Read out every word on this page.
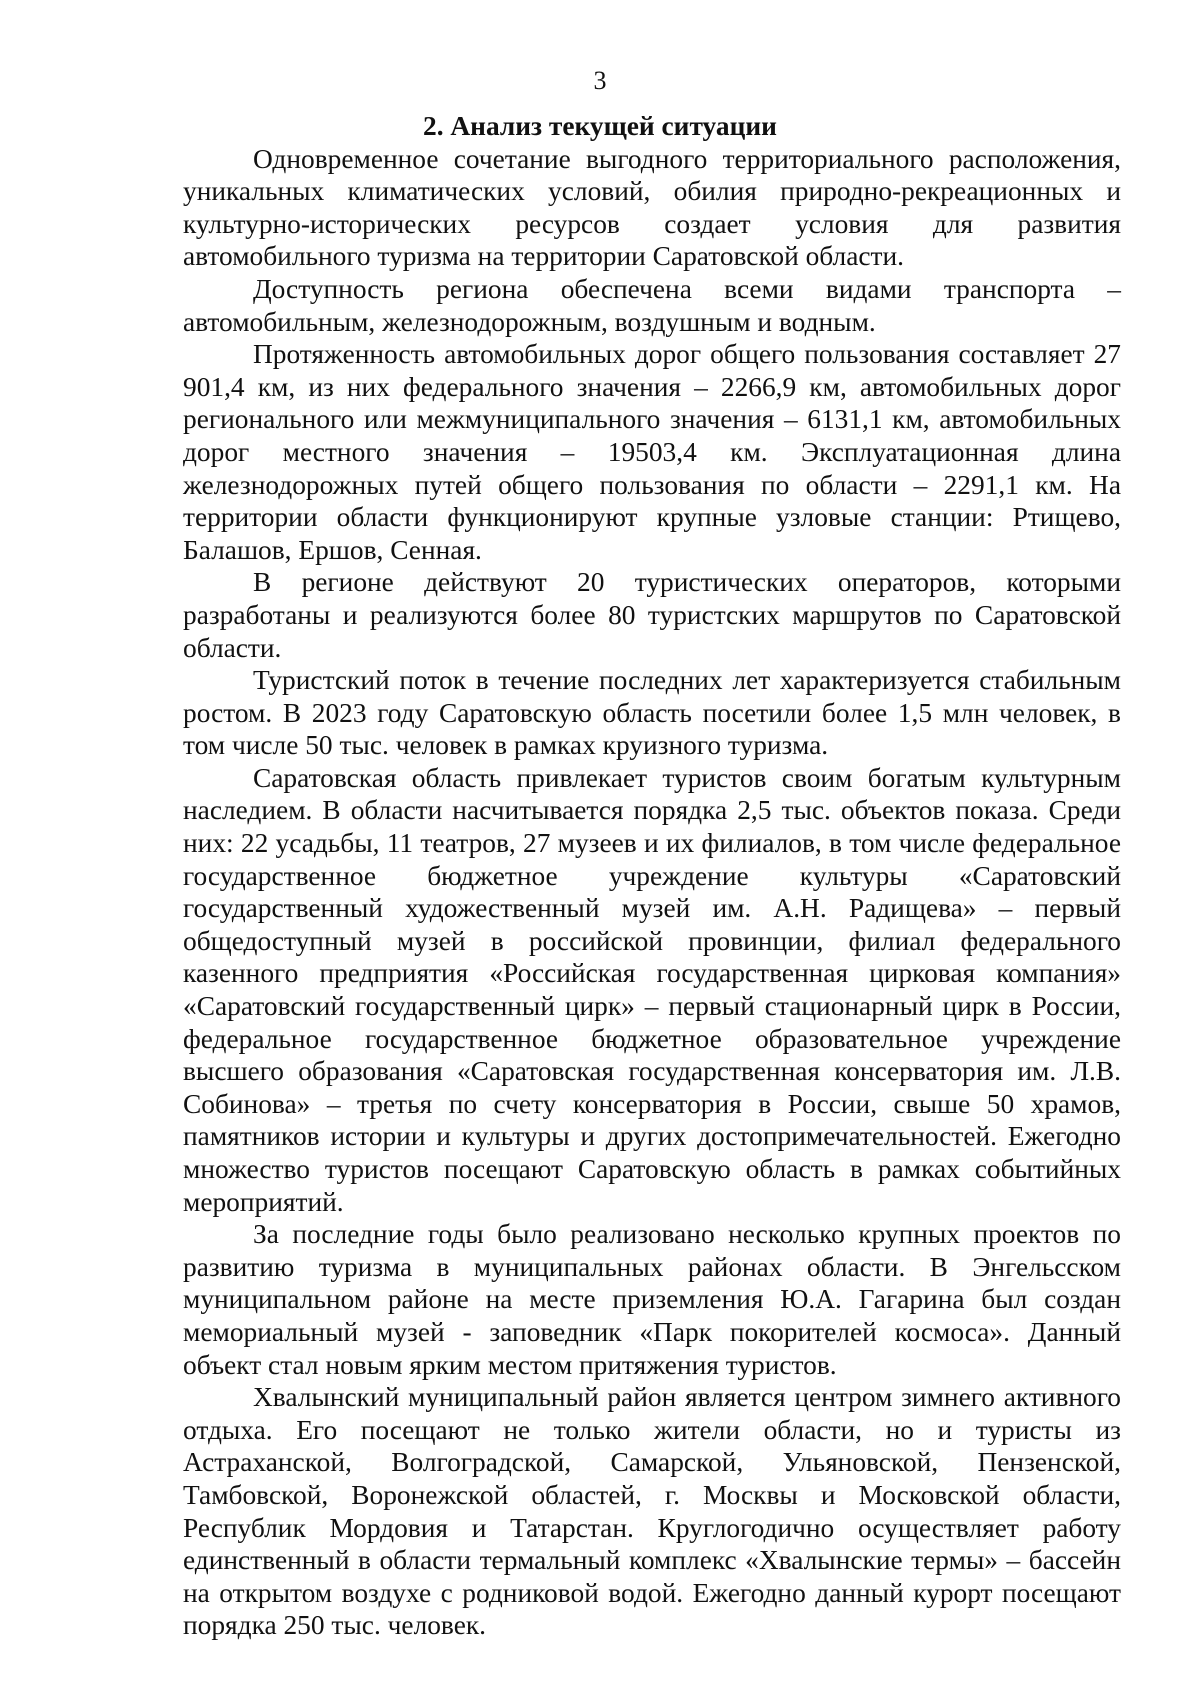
3

2. Анализ текущей ситуации

Одновременное сочетание выгодного территориального расположения, уникальных климатических условий, обилия природно-рекреационных и культурно-исторических ресурсов создает условия для развития автомобильного туризма на территории Саратовской области.

Доступность региона обеспечена всеми видами транспорта – автомобильным, железнодорожным, воздушным и водным.

Протяженность автомобильных дорог общего пользования составляет 27 901,4 км, из них федерального значения – 2266,9 км, автомобильных дорог регионального или межмуниципального значения – 6131,1 км, автомобильных дорог местного значения – 19503,4 км. Эксплуатационная длина железнодорожных путей общего пользования по области – 2291,1 км. На территории области функционируют крупные узловые станции: Ртищево, Балашов, Ершов, Сенная.

В регионе действуют 20 туристических операторов, которыми разработаны и реализуются более 80 туристских маршрутов по Саратовской области.

Туристский поток в течение последних лет характеризуется стабильным ростом. В 2023 году Саратовскую область посетили более 1,5 млн человек, в том числе 50 тыс. человек в рамках круизного туризма.

Саратовская область привлекает туристов своим богатым культурным наследием. В области насчитывается порядка 2,5 тыс. объектов показа. Среди них: 22 усадьбы, 11 театров, 27 музеев и их филиалов, в том числе федеральное государственное бюджетное учреждение культуры «Саратовский государственный художественный музей им. А.Н. Радищева» – первый общедоступный музей в российской провинции, филиал федерального казенного предприятия «Российская государственная цирковая компания» «Саратовский государственный цирк» – первый стационарный цирк в России, федеральное государственное бюджетное образовательное учреждение высшего образования «Саратовская государственная консерватория им. Л.В. Собинова» – третья по счету консерватория в России, свыше 50 храмов, памятников истории и культуры и других достопримечательностей. Ежегодно множество туристов посещают Саратовскую область в рамках событийных мероприятий.

За последние годы было реализовано несколько крупных проектов по развитию туризма в муниципальных районах области. В Энгельсском муниципальном районе на месте приземления Ю.А. Гагарина был создан мемориальный музей - заповедник «Парк покорителей космоса». Данный объект стал новым ярким местом притяжения туристов.

Хвалынский муниципальный район является центром зимнего активного отдыха. Его посещают не только жители области, но и туристы из Астраханской, Волгоградской, Самарской, Ульяновской, Пензенской, Тамбовской, Воронежской областей, г. Москвы и Московской области, Республик Мордовия и Татарстан. Круглогодично осуществляет работу единственный в области термальный комплекс «Хвалынские термы» – бассейн на открытом воздухе с родниковой водой. Ежегодно данный курорт посещают порядка 250 тыс. человек.
